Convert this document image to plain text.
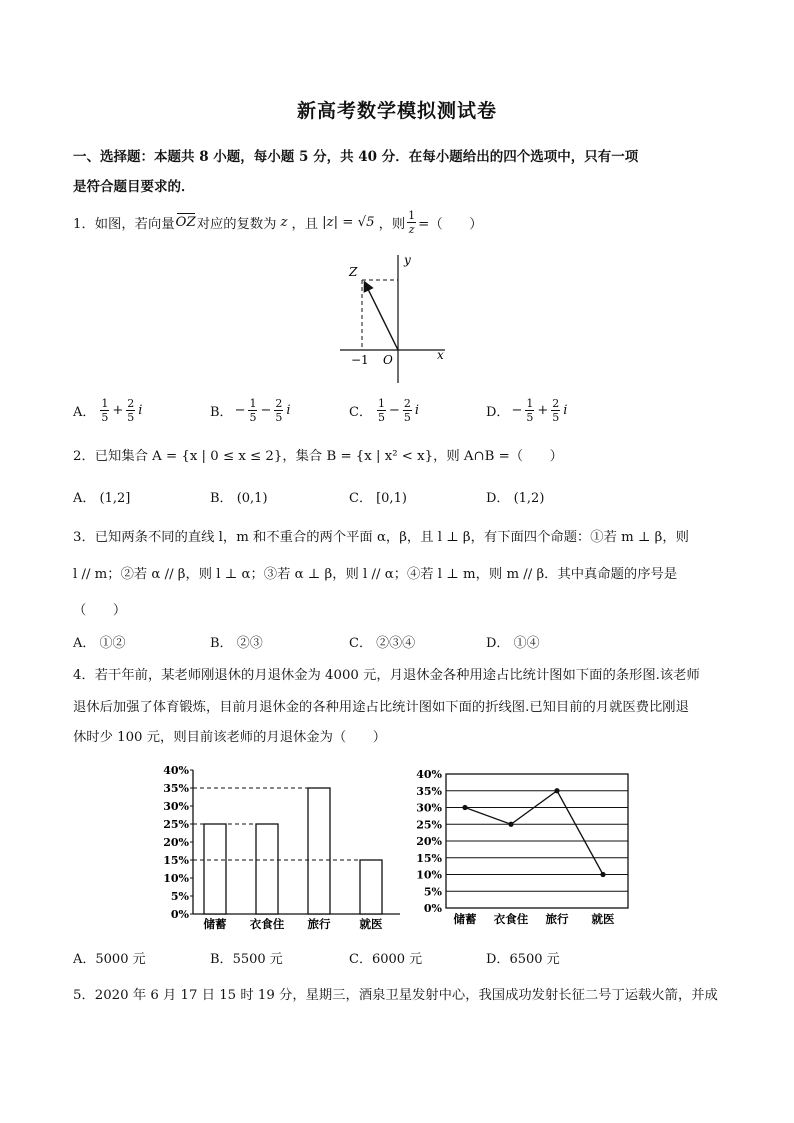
新高考数学模拟测试卷
一、选择题：本题共 8 小题，每小题 5 分，共 40 分．在每小题给出的四个选项中，只有一项
是符合题目要求的．
1．如图，若向量 OZ 对应的复数为 z ，且 |z| = √5 ，则 $\frac{1}{z}$ =（　　）
y
x
Z
O
−1
A． $\frac{1}{5} + \frac{2}{5}$ i	B． − $\frac{1}{5} - \frac{2}{5}$ i	C． $\frac{1}{5} - \frac{2}{5}$ i	D． − $\frac{1}{5} + \frac{2}{5}$ i
2．已知集合 A = {x | 0 ≤ x ≤ 2}，集合 B = {x | x² < x}，则 A∩B =（　　）
A． (1,2]	B． (0,1)	C． [0,1)	D． (1,2)
3．已知两条不同的直线 l，m 和不重合的两个平面 α，β，且 l ⊥ β，有下面四个命题：①若 m ⊥ β，则
l // m；②若 α // β，则 l ⊥ α；③若 α ⊥ β，则 l // α；④若 l ⊥ m，则 m // β．其中真命题的序号是
（　　）
A． ①②	B． ②③	C． ②③④	D． ①④
4．若干年前，某老师刚退休的月退休金为 4000 元，月退休金各种用途占比统计图如下面的条形图.该老师
退休后加强了体育锻炼，目前月退休金的各种用途占比统计图如下面的折线图.已知目前的月就医费比刚退
休时少 100 元，则目前该老师的月退休金为（　　）
0%
5%
10%
15%
20%
25%
30%
35%
40%
储蓄 衣食住 旅行	就医
0%
5%
10%
15%
20%
25%
30%
35%
40%
储蓄 衣食住 旅行 就医
A．5000 元	B．5500 元	C．6000 元	D．6500 元
5．2020 年 6 月 17 日 15 时 19 分，星期三，酒泉卫星发射中心，我国成功发射长征二号丁运载火箭，并成
